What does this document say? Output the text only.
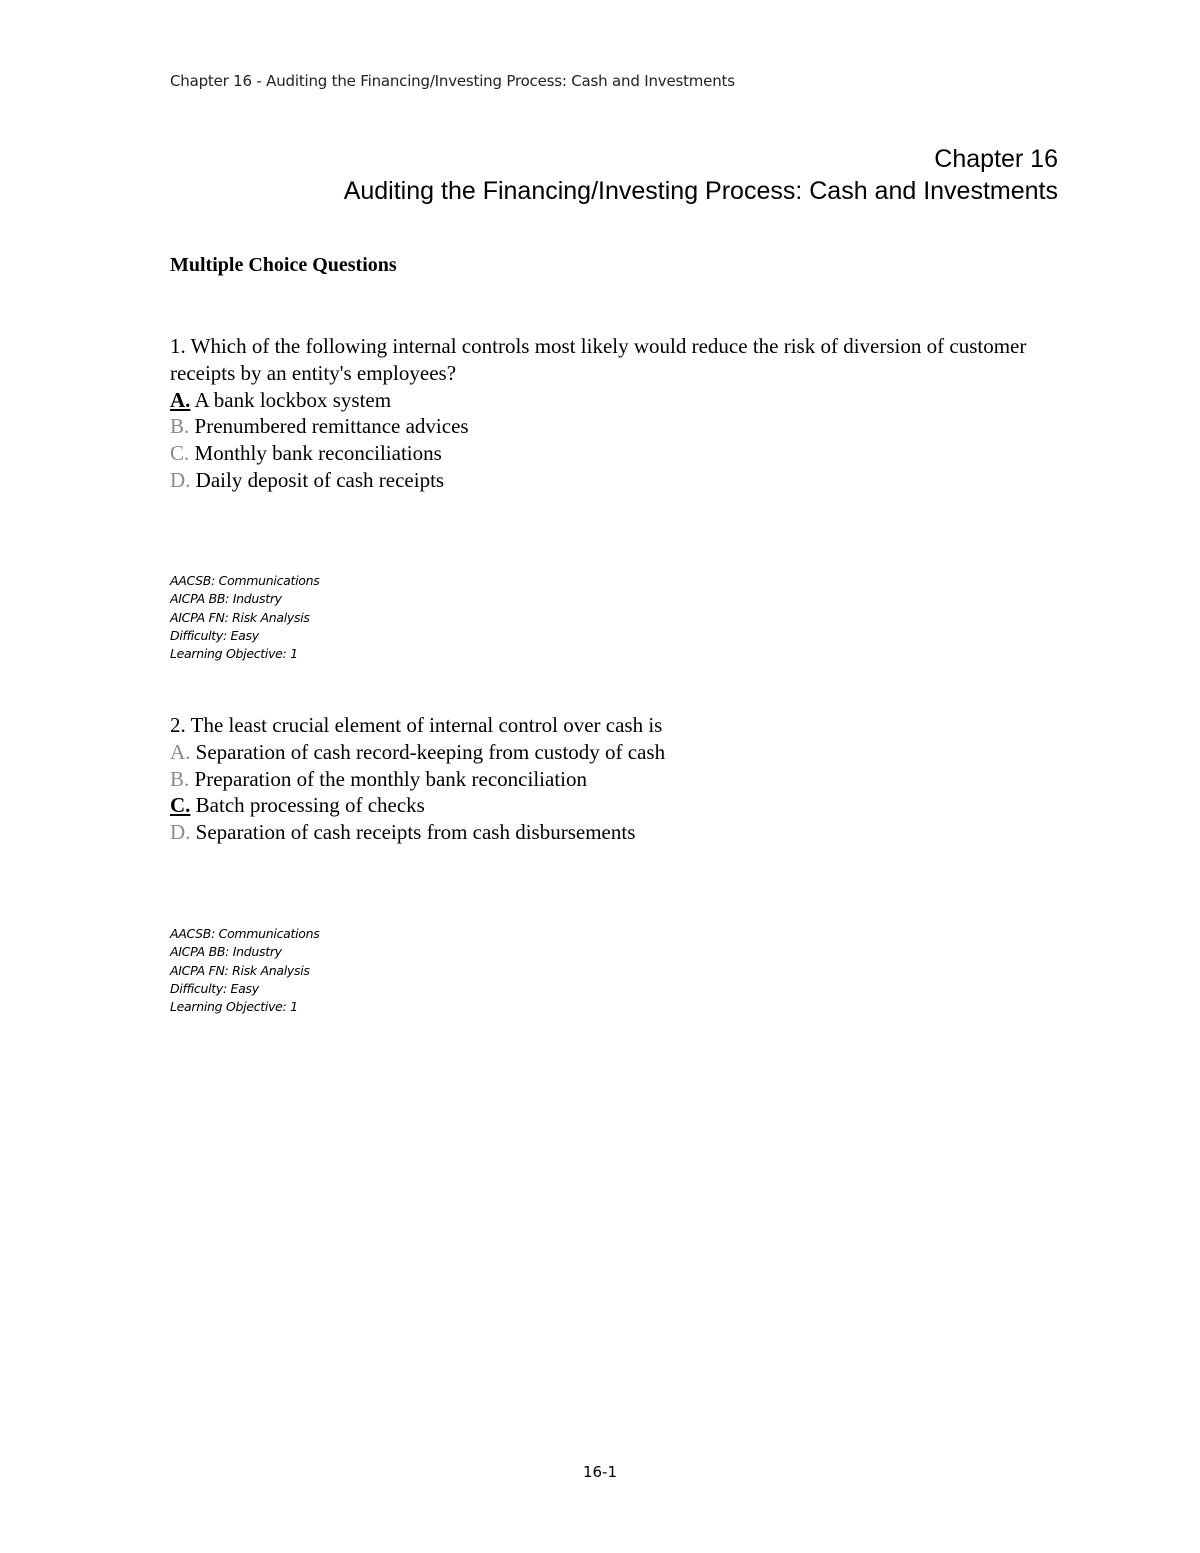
Chapter 16 - Auditing the Financing/Investing Process: Cash and Investments
Chapter 16
Auditing the Financing/Investing Process: Cash and Investments
Multiple Choice Questions
1. Which of the following internal controls most likely would reduce the risk of diversion of customer receipts by an entity's employees?
A. A bank lockbox system
B. Prenumbered remittance advices
C. Monthly bank reconciliations
D. Daily deposit of cash receipts
AACSB: Communications
AICPA BB: Industry
AICPA FN: Risk Analysis
Difficulty: Easy
Learning Objective: 1
2. The least crucial element of internal control over cash is
A. Separation of cash record-keeping from custody of cash
B. Preparation of the monthly bank reconciliation
C. Batch processing of checks
D. Separation of cash receipts from cash disbursements
AACSB: Communications
AICPA BB: Industry
AICPA FN: Risk Analysis
Difficulty: Easy
Learning Objective: 1
16-1
